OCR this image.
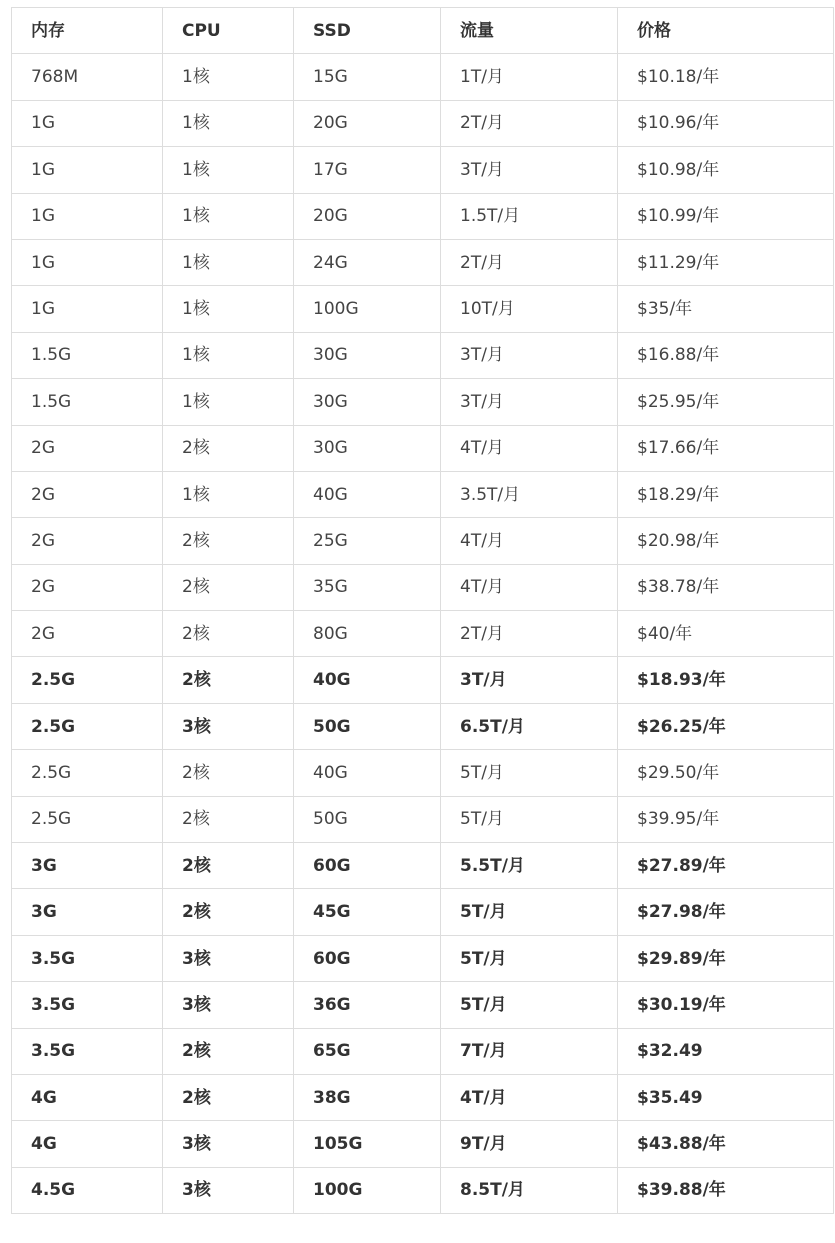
内存	CPU	SSD	流量	价格
768M	1核	15G	1T/月	$10.18/年
1G	1核	20G	2T/月	$10.96/年
1G	1核	17G	3T/月	$10.98/年
1G	1核	20G	1.5T/月	$10.99/年
1G	1核	24G	2T/月	$11.29/年
1G	1核	100G	10T/月	$35/年
1.5G	1核	30G	3T/月	$16.88/年
1.5G	1核	30G	3T/月	$25.95/年
2G	2核	30G	4T/月	$17.66/年
2G	1核	40G	3.5T/月	$18.29/年
2G	2核	25G	4T/月	$20.98/年
2G	2核	35G	4T/月	$38.78/年
2G	2核	80G	2T/月	$40/年
2.5G	2核	40G	3T/月	$18.93/年
2.5G	3核	50G	6.5T/月	$26.25/年
2.5G	2核	40G	5T/月	$29.50/年
2.5G	2核	50G	5T/月	$39.95/年
3G	2核	60G	5.5T/月	$27.89/年
3G	2核	45G	5T/月	$27.98/年
3.5G	3核	60G	5T/月	$29.89/年
3.5G	3核	36G	5T/月	$30.19/年
3.5G	2核	65G	7T/月	$32.49
4G	2核	38G	4T/月	$35.49
4G	3核	105G	9T/月	$43.88/年
4.5G	3核	100G	8.5T/月	$39.88/年
